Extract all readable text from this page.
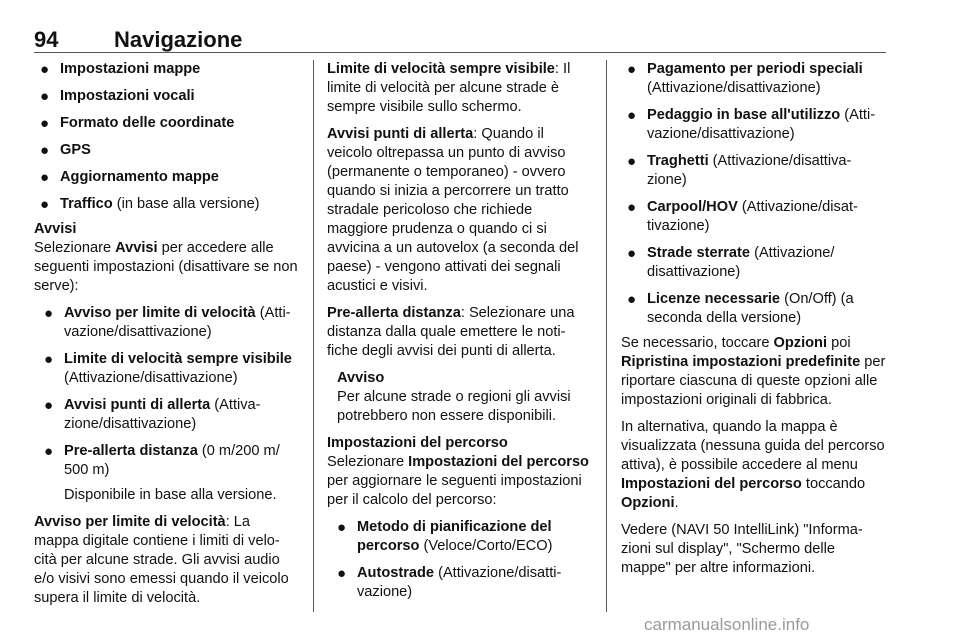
94	Navigazione
● Impostazioni mappe
● Impostazioni vocali
● Formato delle coordinate
● GPS
● Aggiornamento mappe
● Traffico (in base alla versione)

Avvisi

Selezionare Avvisi per accedere alle seguenti impostazioni (disattivare se non serve):

● Avviso per limite di velocità (Atti-vazione/disattivazione)
● Limite di velocità sempre visibile (Attivazione/disattivazione)
● Avvisi punti di allerta (Attiva-zione/disattivazione)
● Pre-allerta distanza (0 m/200 m/ 500 m)

Disponibile in base alla versione.

Avviso per limite di velocità: La mappa digitale contiene i limiti di velo-cità per alcune strade. Gli avvisi audio e/o visivi sono emessi quando il veicolo supera il limite di velocità.

Limite di velocità sempre visibile: Il limite di velocità per alcune strade è sempre visibile sullo schermo.

Avvisi punti di allerta: Quando il veicolo oltrepassa un punto di avviso (permanente o temporaneo) - ovvero quando si inizia a percorrere un tratto stradale pericoloso che richiede maggiore prudenza o quando ci si avvicina a un autovelox (a seconda del paese) - vengono attivati dei segnali acustici e visivi.

Pre-allerta distanza: Selezionare una distanza dalla quale emettere le noti-fiche degli avvisi dei punti di allerta.

Avviso

Per alcune strade o regioni gli avvisi potrebbero non essere disponibili.

Impostazioni del percorso

Selezionare Impostazioni del percorso per aggiornare le seguenti impostazioni per il calcolo del percorso:

● Metodo di pianificazione del percorso (Veloce/Corto/ECO)
● Autostrade (Attivazione/disatti-vazione)
● Pagamento per periodi speciali (Attivazione/disattivazione)
● Pedaggio in base all'utilizzo (Atti-vazione/disattivazione)
● Traghetti (Attivazione/disattiva-zione)
● Carpool/HOV (Attivazione/disat-tivazione)
● Strade sterrate (Attivazione/ disattivazione)
● Licenze necessarie (On/Off) (a seconda della versione)

Se necessario, toccare Opzioni poi Ripristina impostazioni predefinite per riportare ciascuna di queste opzioni alle impostazioni originali di fabbrica.

In alternativa, quando la mappa è visualizzata (nessuna guida del percorso attiva), è possibile accedere al menu Impostazioni del percorso toccando Opzioni.

Vedere (NAVI 50 IntelliLink) "Informa-zioni sul display", "Schermo delle mappe" per altre informazioni.

carmanualsonline.info
